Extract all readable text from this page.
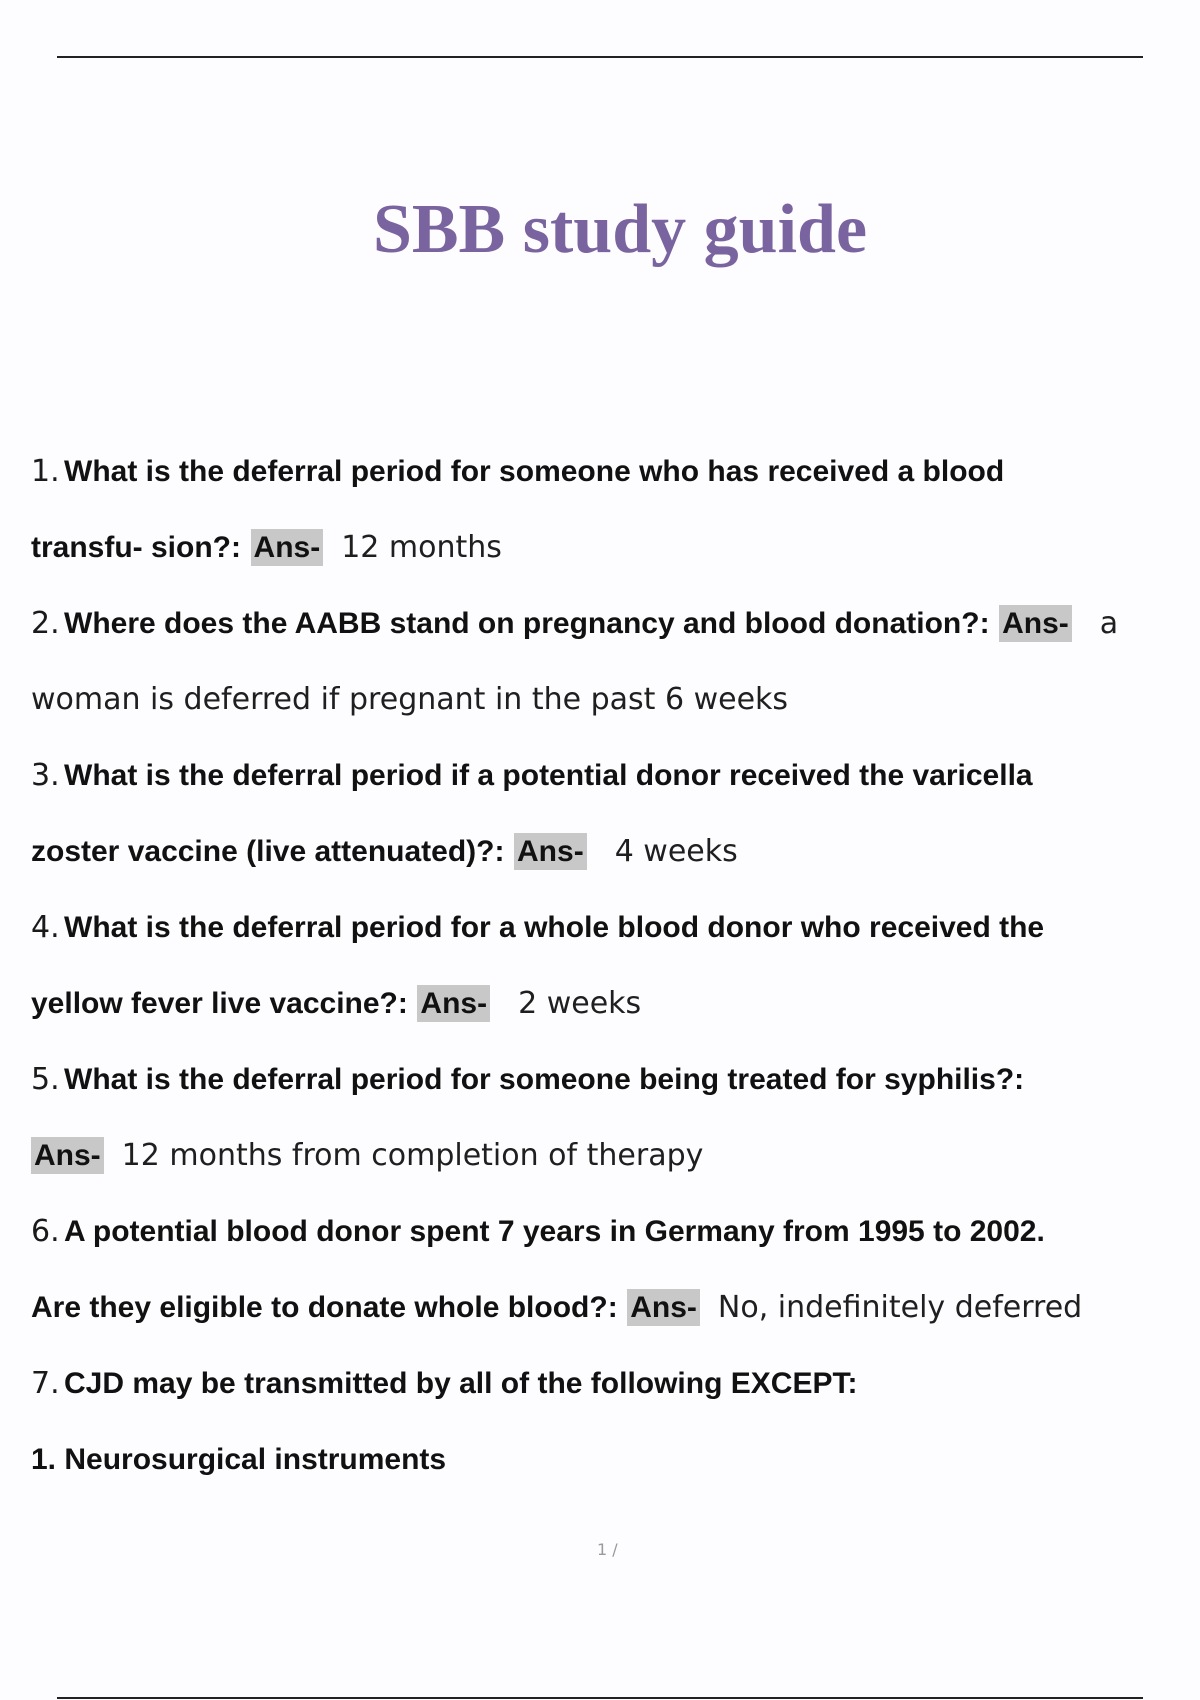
SBB study guide
1. What is the deferral period for someone who has received a blood
transfu- sion?: Ans- 12 months
2. Where does the AABB stand on pregnancy and blood donation?: Ans- a
woman is deferred if pregnant in the past 6 weeks
3. What is the deferral period if a potential donor received the varicella
zoster vaccine (live attenuated)?: Ans- 4 weeks
4. What is the deferral period for a whole blood donor who received the
yellow fever live vaccine?: Ans- 2 weeks
5. What is the deferral period for someone being treated for syphilis?:
Ans- 12 months from completion of therapy
6. A potential blood donor spent 7 years in Germany from 1995 to 2002.
Are they eligible to donate whole blood?: Ans- No, indefinitely deferred
7. CJD may be transmitted by all of the following EXCEPT:
1. Neurosurgical instruments
1 /
